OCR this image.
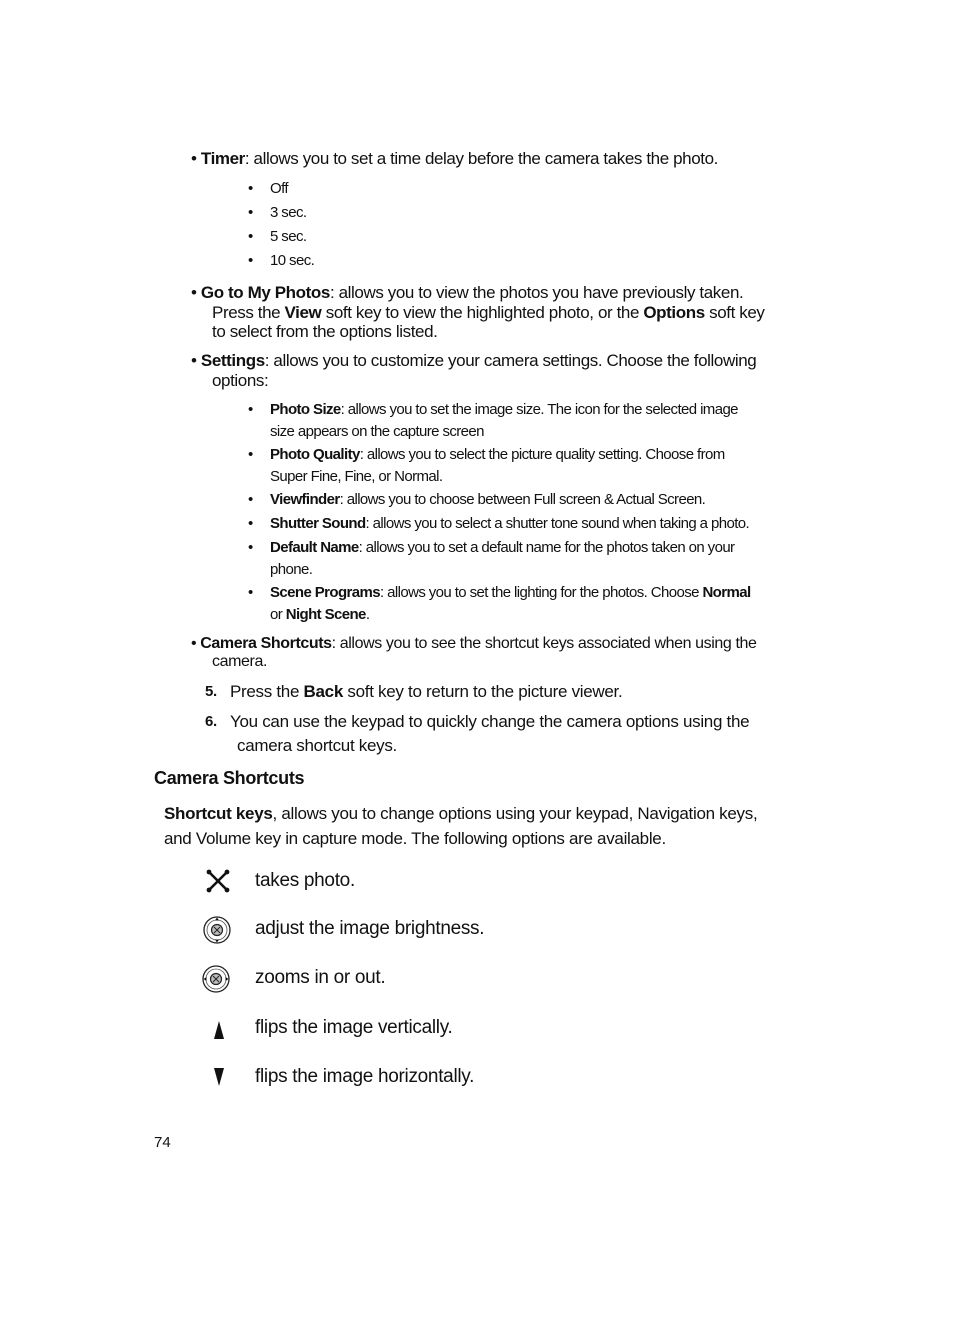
• Timer: allows you to set a time delay before the camera takes the photo.
• Off
• 3 sec.
• 5 sec.
• 10 sec.
• Go to My Photos: allows you to view the photos you have previously taken.
Press the View soft key to view the highlighted photo, or the Options soft key
to select from the options listed.
• Settings: allows you to customize your camera settings. Choose the following
options:
• Photo Size: allows you to set the image size. The icon for the selected image
size appears on the capture screen
• Photo Quality: allows you to select the picture quality setting. Choose from
Super Fine, Fine, or Normal.
• Viewfinder: allows you to choose between Full screen & Actual Screen.
• Shutter Sound: allows you to select a shutter tone sound when taking a photo.
• Default Name: allows you to set a default name for the photos taken on your
phone.
• Scene Programs: allows you to set the lighting for the photos. Choose Normal
or Night Scene.
• Camera Shortcuts: allows you to see the shortcut keys associated when using the
camera.
5. Press the Back soft key to return to the picture viewer.
6. You can use the keypad to quickly change the camera options using the
camera shortcut keys.
Camera Shortcuts
Shortcut keys, allows you to change options using your keypad, Navigation keys, and Volume key in capture mode. The following options are available.
takes photo.
adjust the image brightness.
zooms in or out.
flips the image vertically.
flips the image horizontally.
74
